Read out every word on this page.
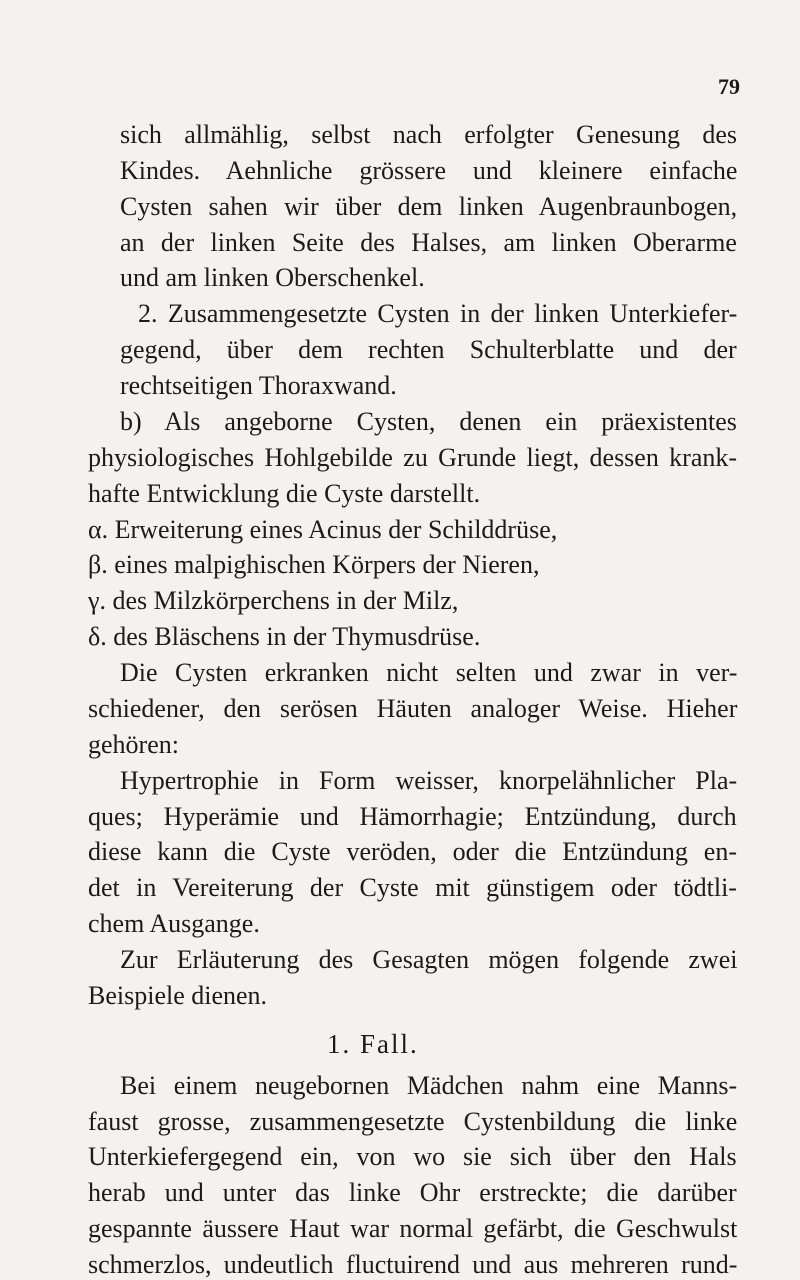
79
sich allmählig, selbst nach erfolgter Genesung des
Kindes. Aehnliche grössere und kleinere einfache
Cysten sahen wir über dem linken Augenbraunbogen,
an der linken Seite des Halses, am linken Oberarme
und am linken Oberschenkel.
2. Zusammengesetzte Cysten in der linken Unterkiefer-
gegend, über dem rechten Schulterblatte und der
rechtseitigen Thoraxwand.
b) Als angeborne Cysten, denen ein präexistentes
physiologisches Hohlgebilde zu Grunde liegt, dessen krank-
hafte Entwicklung die Cyste darstellt.
α. Erweiterung eines Acinus der Schilddrüse,
β. eines malpighischen Körpers der Nieren,
γ. des Milzkörperchens in der Milz,
δ. des Bläschens in der Thymusdrüse.
Die Cysten erkranken nicht selten und zwar in ver-
schiedener, den serösen Häuten analoger Weise. Hieher
gehören:
Hypertrophie in Form weisser, knorpelähnlicher Pla-
ques; Hyperämie und Hämorrhagie; Entzündung, durch
diese kann die Cyste veröden, oder die Entzündung en-
det in Vereiterung der Cyste mit günstigem oder tödtli-
chem Ausgange.
Zur Erläuterung des Gesagten mögen folgende zwei
Beispiele dienen.
1. Fall.
Bei einem neugebornen Mädchen nahm eine Manns-
faust grosse, zusammengesetzte Cystenbildung die linke
Unterkiefergegend ein, von wo sie sich über den Hals
herab und unter das linke Ohr erstreckte; die darüber
gespannte äussere Haut war normal gefärbt, die Geschwulst
schmerzlos, undeutlich fluctuirend und aus mehreren rund-
